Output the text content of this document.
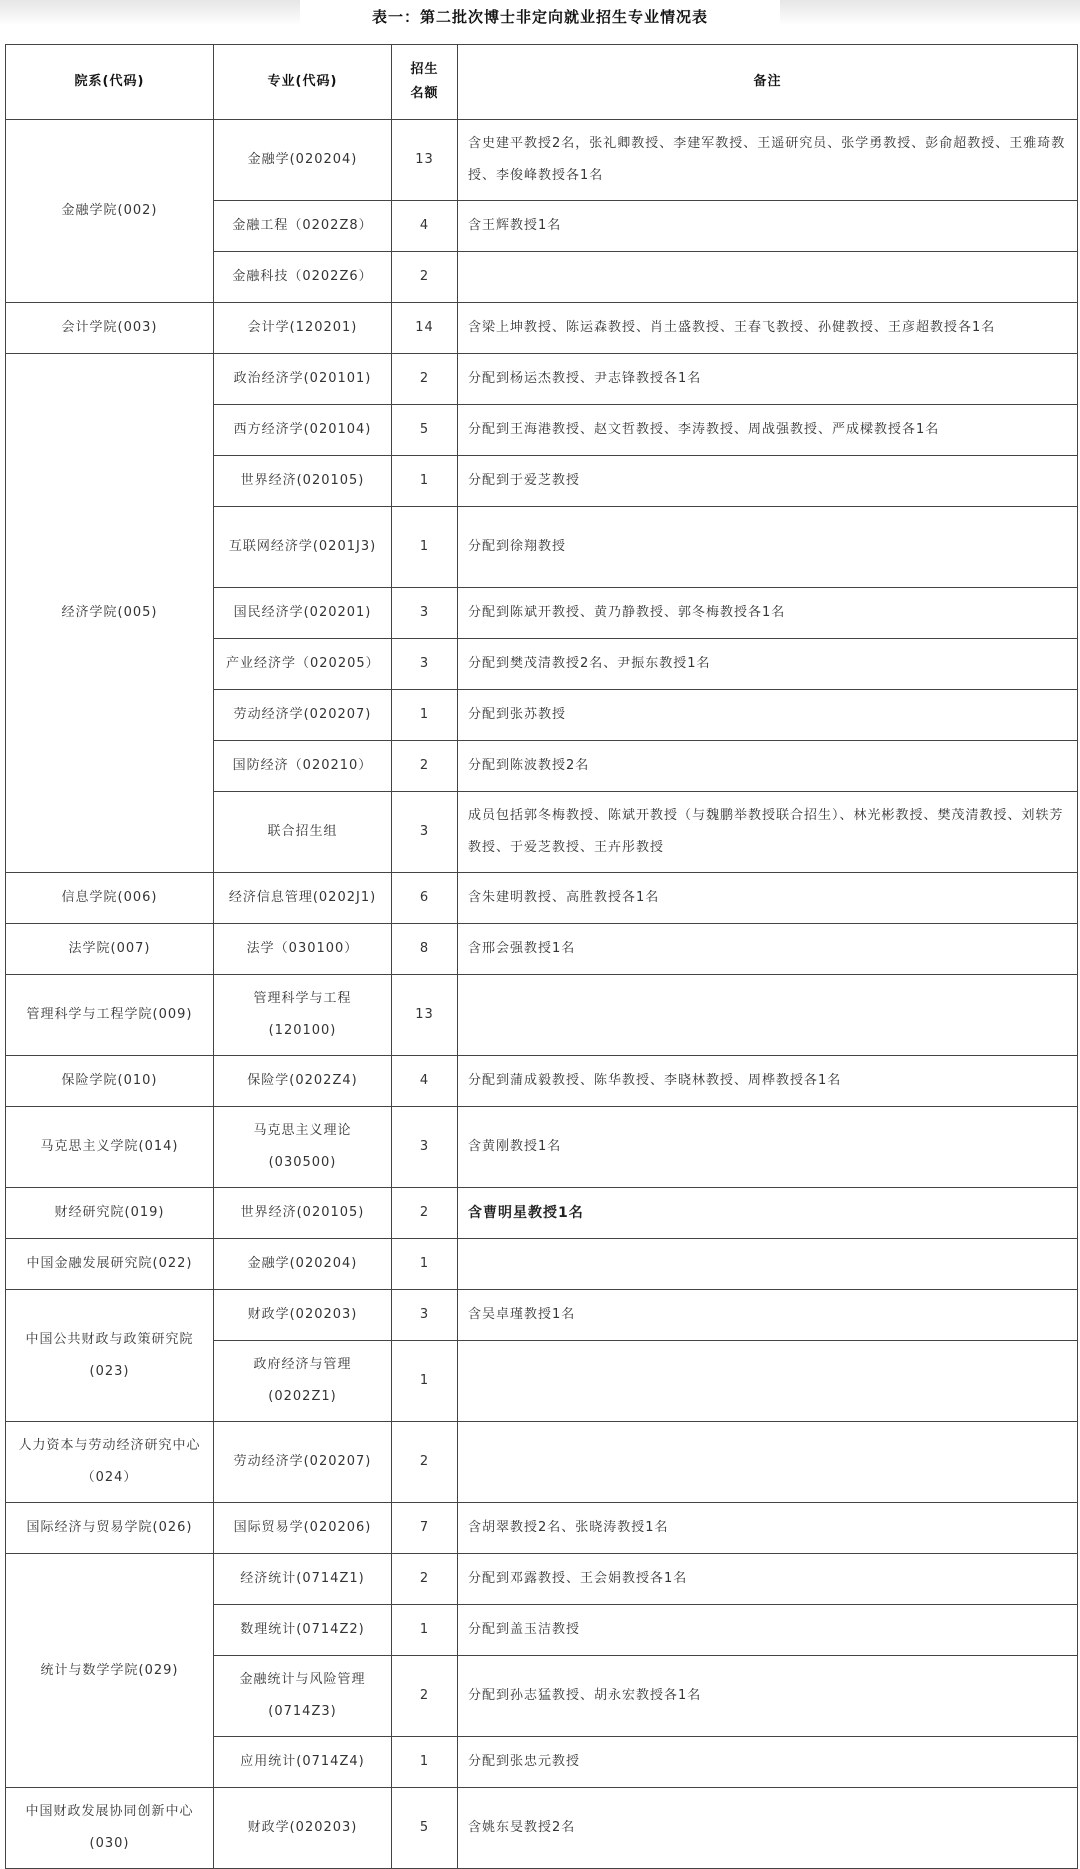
表一：第二批次博士非定向就业招生专业情况表
院系(代码)	专业(代码)	招生名额	备注
金融学院(002)	金融学(020204)	13	含史建平教授2名，张礼卿教授、李建军教授、王遥研究员、张学勇教授、彭俞超教授、王雅琦教授、李俊峰教授各1名
	金融工程（0202Z8）	4	含王辉教授1名
	金融科技（0202Z6）	2	
会计学院(003)	会计学(120201)	14	含梁上坤教授、陈运森教授、肖土盛教授、王春飞教授、孙健教授、王彦超教授各1名
经济学院(005)	政治经济学(020101)	2	分配到杨运杰教授、尹志锋教授各1名
	西方经济学(020104)	5	分配到王海港教授、赵文哲教授、李涛教授、周战强教授、严成樑教授各1名
	世界经济(020105)	1	分配到于爱芝教授
	互联网经济学(0201J3)	1	分配到徐翔教授
	国民经济学(020201)	3	分配到陈斌开教授、黄乃静教授、郭冬梅教授各1名
	产业经济学（020205）	3	分配到樊茂清教授2名、尹振东教授1名
	劳动经济学(020207)	1	分配到张苏教授
	国防经济（020210）	2	分配到陈波教授2名
	联合招生组	3	成员包括郭冬梅教授、陈斌开教授（与魏鹏举教授联合招生）、林光彬教授、樊茂清教授、刘轶芳教授、于爱芝教授、王卉彤教授
信息学院(006)	经济信息管理(0202J1)	6	含朱建明教授、高胜教授各1名
法学院(007)	法学（030100）	8	含邢会强教授1名
管理科学与工程学院(009)	管理科学与工程(120100)	13	
保险学院(010)	保险学(0202Z4)	4	分配到蒲成毅教授、陈华教授、李晓林教授、周桦教授各1名
马克思主义学院(014)	马克思主义理论(030500)	3	含黄刚教授1名
财经研究院(019)	世界经济(020105)	2	含曹明星教授1名
中国金融发展研究院(022)	金融学(020204)	1	
中国公共财政与政策研究院(023)	财政学(020203)	3	含吴卓瑾教授1名
	政府经济与管理(0202Z1)	1	
人力资本与劳动经济研究中心（024）	劳动经济学(020207)	2	
国际经济与贸易学院(026)	国际贸易学(020206)	7	含胡翠教授2名、张晓涛教授1名
统计与数学学院(029)	经济统计(0714Z1)	2	分配到邓露教授、王会娟教授各1名
	数理统计(0714Z2)	1	分配到盖玉洁教授
	金融统计与风险管理(0714Z3)	2	分配到孙志猛教授、胡永宏教授各1名
	应用统计(0714Z4)	1	分配到张忠元教授
中国财政发展协同创新中心(030)	财政学(020203)	5	含姚东旻教授2名
